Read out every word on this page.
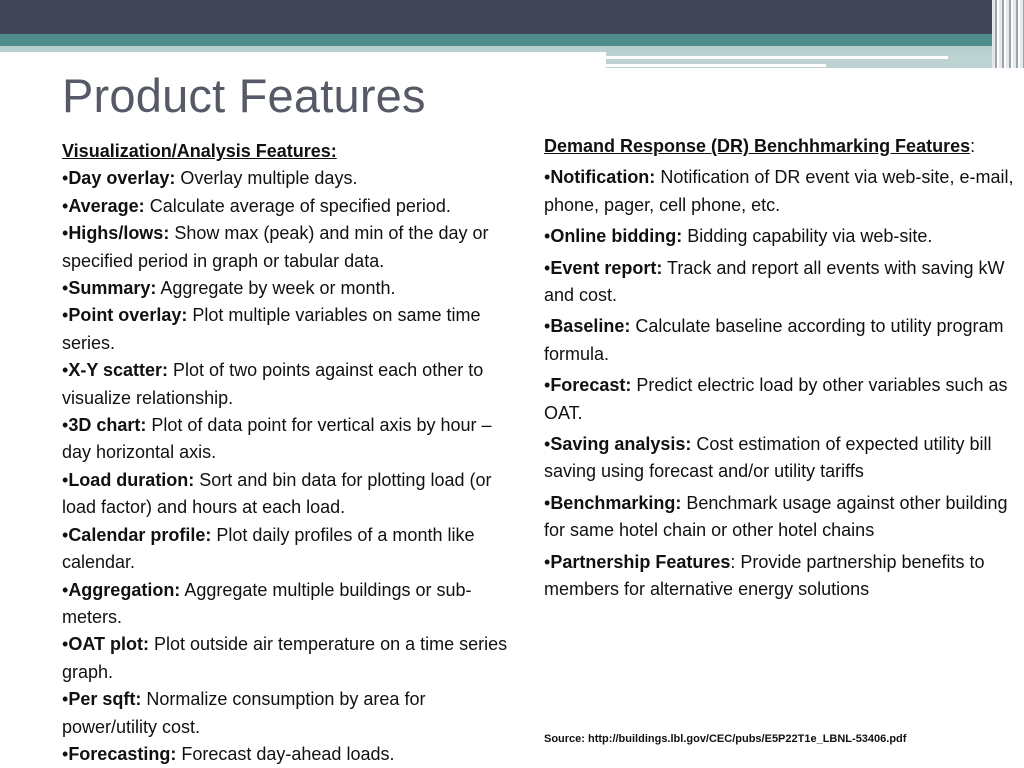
Product Features

Visualization/Analysis Features:

•Day overlay: Overlay multiple days.

•Average: Calculate average of specified period.

•Highs/lows: Show max (peak) and min of the day or specified period in graph or tabular data.

•Summary: Aggregate by week or month.

•Point overlay: Plot multiple variables on same time series.

•X-Y scatter: Plot of two points against each other to visualize relationship.

•3D chart: Plot of data point for vertical axis by hour – day horizontal axis.

•Load duration: Sort and bin data for plotting load (or load factor) and hours at each load.

•Calendar profile: Plot daily profiles of a month like calendar.

•Aggregation: Aggregate multiple buildings or sub-meters.

•OAT plot: Plot outside air temperature on a time series graph.

•Per sqft: Normalize consumption by area for power/utility cost.

•Forecasting: Forecast day-ahead loads.

Demand Response (DR) Benchhmarking Features:

•Notification: Notification of DR event via web-site, e-mail, phone, pager, cell phone, etc.

•Online bidding: Bidding capability via web-site.

•Event report: Track and report all events with saving kW and cost.

•Baseline: Calculate baseline according to utility program formula.

•Forecast: Predict electric load by other variables such as OAT.

•Saving analysis: Cost estimation of expected utility bill saving using forecast and/or utility tariffs

•Benchmarking: Benchmark usage against other building for same hotel chain or other hotel chains

•Partnership Features: Provide partnership benefits to members for alternative energy solutions

Source: http://buildings.lbl.gov/CEC/pubs/E5P22T1e_LBNL-53406.pdf
